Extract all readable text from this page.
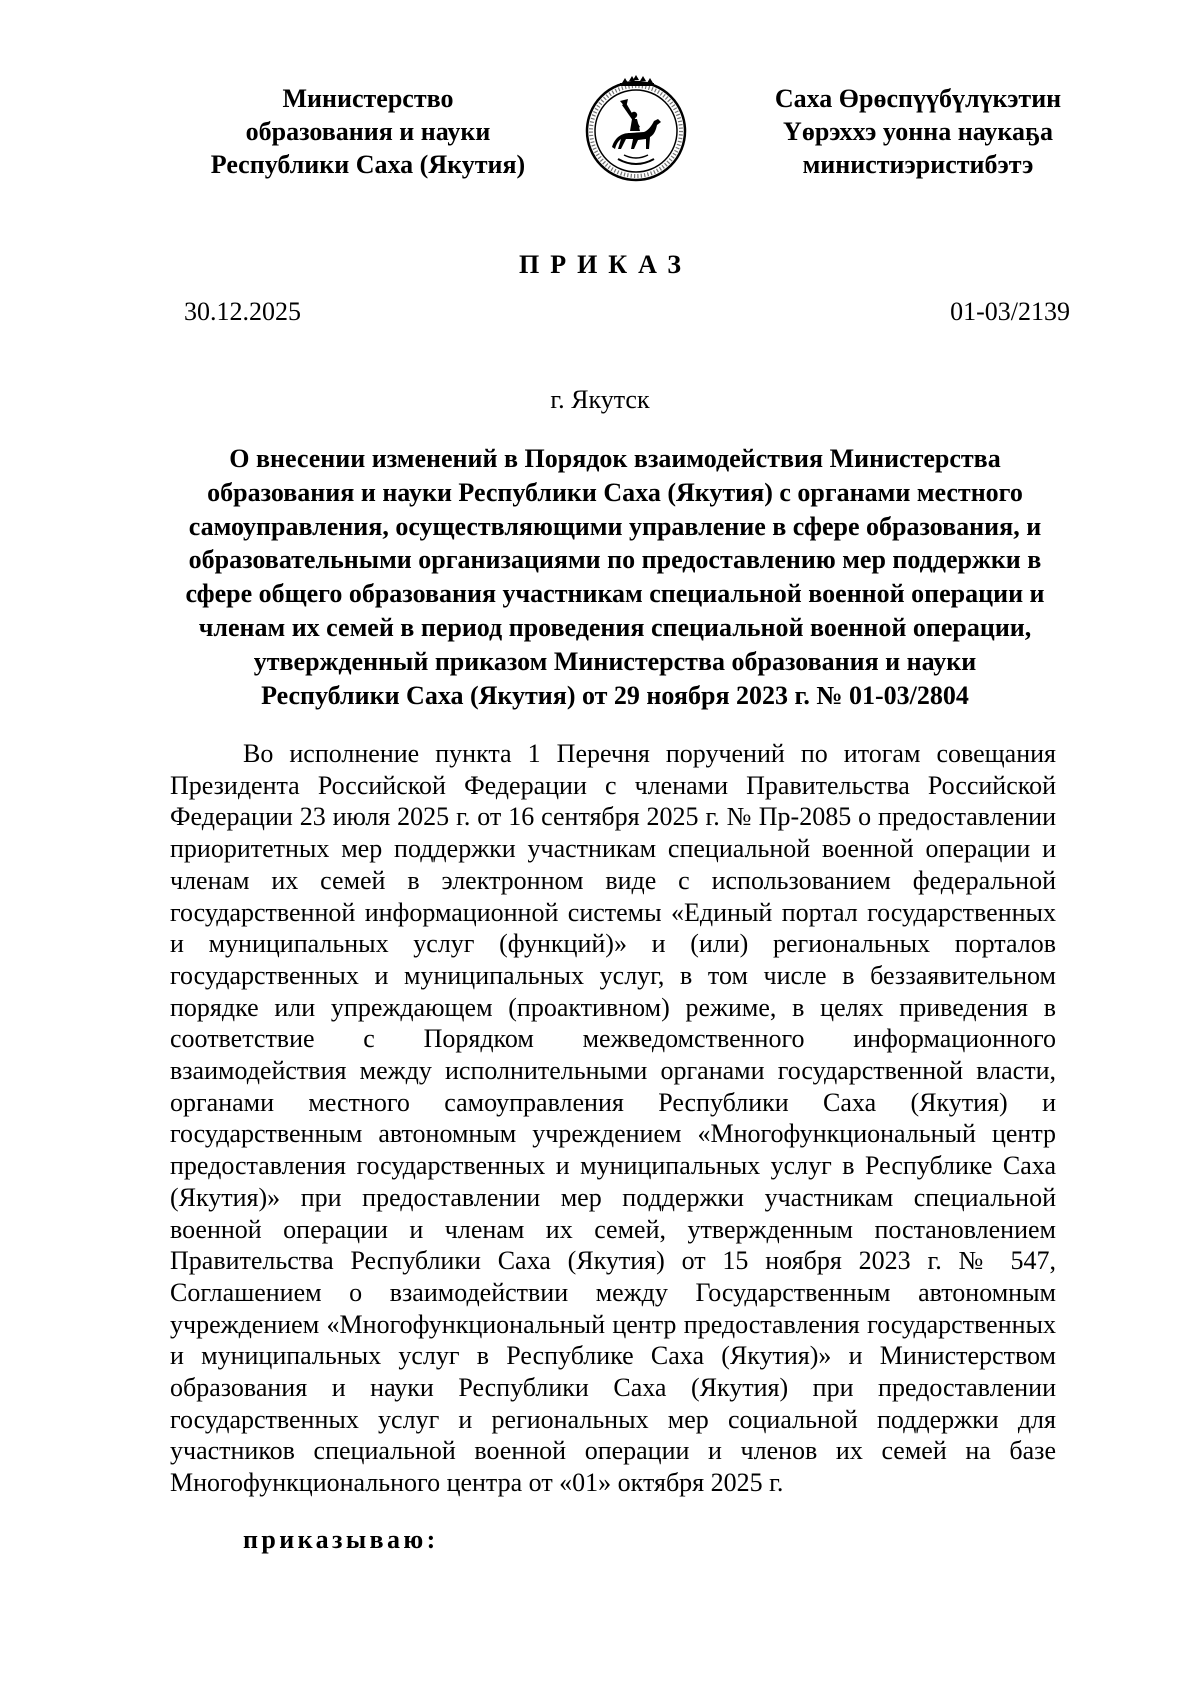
Министерство
образования и науки
Республики Саха (Якутия)
Саха Өрөспүүбүлүкэтин
Үөрэххэ уонна наукаҕа
министиэристибэтэ
ПРИКАЗ
30.12.2025	01-03/2139
г. Якутск
О внесении изменений в Порядок взаимодействия Министерства
образования и науки Республики Саха (Якутия) с органами местного
самоуправления, осуществляющими управление в сфере образования, и
образовательными организациями по предоставлению мер поддержки в
сфере общего образования участникам специальной военной операции и
членам их семей в период проведения специальной военной операции,
утвержденный приказом Министерства образования и науки
Республики Саха (Якутия) от 29 ноября 2023 г. № 01-03/2804

Во исполнение пункта 1 Перечня поручений по итогам совещания Президента Российской Федерации с членами Правительства Российской Федерации 23 июля 2025 г. от 16 сентября 2025 г. № Пр-2085 о предоставлении приоритетных мер поддержки участникам специальной военной операции и членам их семей в электронном виде с использованием федеральной государственной информационной системы «Единый портал государственных и муниципальных услуг (функций)» и (или) региональных порталов государственных и муниципальных услуг, в том числе в беззаявительном порядке или упреждающем (проактивном) режиме, в целях приведения в соответствие с Порядком межведомственного информационного взаимодействия между исполнительными органами государственной власти, органами местного самоуправления Республики Саха (Якутия) и государственным автономным учреждением «Многофункциональный центр предоставления государственных и муниципальных услуг в Республике Саха (Якутия)» при предоставлении мер поддержки участникам специальной военной операции и членам их семей, утвержденным постановлением Правительства Республики Саха (Якутия) от 15 ноября 2023 г. № 547, Соглашением о взаимодействии между Государственным автономным учреждением «Многофункциональный центр предоставления государственных и муниципальных услуг в Республике Саха (Якутия)» и Министерством образования и науки Республики Саха (Якутия) при предоставлении государственных услуг и региональных мер социальной поддержки для участников специальной военной операции и членов их семей на базе Многофункционального центра от «01» октября 2025 г.

приказываю:
